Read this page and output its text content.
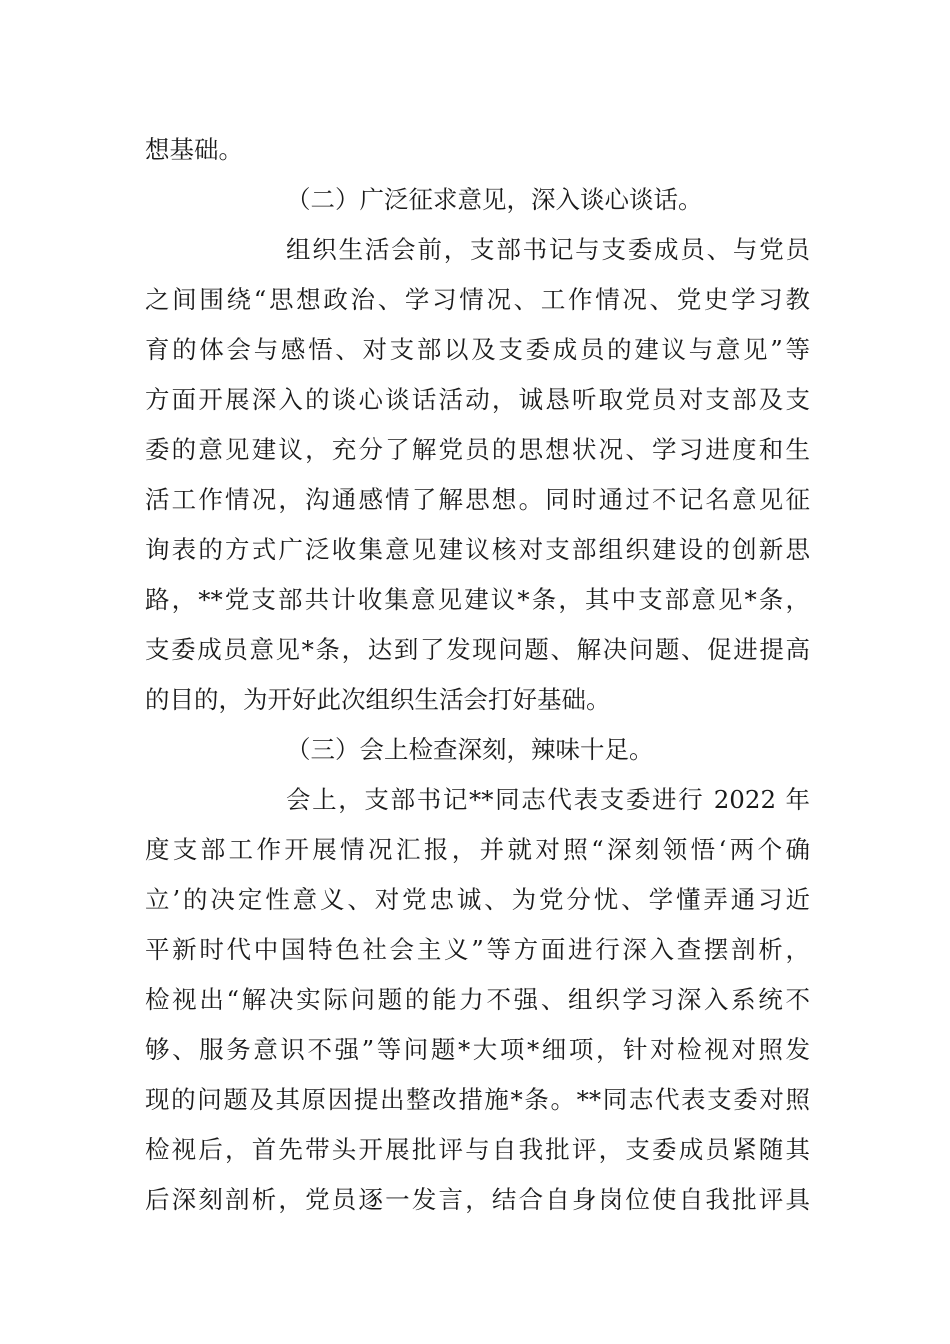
想基础。
（二）广泛征求意见，深入谈心谈话。
组织生活会前，支部书记与支委成员、与党员
之间围绕“思想政治、学习情况、工作情况、党史学习教
育的体会与感悟、对支部以及支委成员的建议与意见”等
方面开展深入的谈心谈话活动，诚恳听取党员对支部及支
委的意见建议，充分了解党员的思想状况、学习进度和生
活工作情况，沟通感情了解思想。同时通过不记名意见征
询表的方式广泛收集意见建议核对支部组织建设的创新思
路，**党支部共计收集意见建议*条，其中支部意见*条，
支委成员意见*条，达到了发现问题、解决问题、促进提高
的目的，为开好此次组织生活会打好基础。
（三）会上检查深刻，辣味十足。
会上，支部书记**同志代表支委进行 2022 年
度支部工作开展情况汇报，并就对照“深刻领悟‘两个确
立’的决定性意义、对党忠诚、为党分忧、学懂弄通习近
平新时代中国特色社会主义”等方面进行深入查摆剖析，
检视出“解决实际问题的能力不强、组织学习深入系统不
够、服务意识不强”等问题*大项*细项，针对检视对照发
现的问题及其原因提出整改措施*条。**同志代表支委对照
检视后，首先带头开展批评与自我批评，支委成员紧随其
后深刻剖析，党员逐一发言，结合自身岗位使自我批评具
